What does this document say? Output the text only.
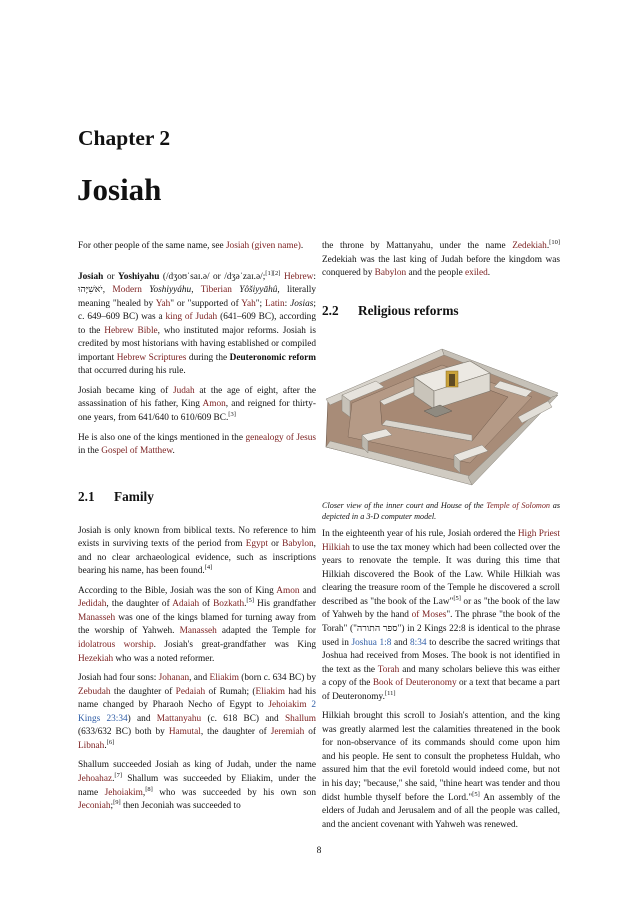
Chapter 2
Josiah

For other people of the same name, see Josiah (given name).

Josiah or Yoshiyahu (/dʒoʊˈsaɪ.ə/ or /dʒəˈzaɪ.ə/;[1][2] Hebrew: יֹאשִׁיָּהוּ, Modern Yoshiyyáhu, Tiberian Yôšiyyāhû, literally meaning "healed by Yah" or "supported of Yah"; Latin: Josias; c. 649–609 BC) was a king of Judah (641–609 BC), according to the Hebrew Bible, who instituted major reforms. Josiah is credited by most historians with having established or compiled important Hebrew Scriptures during the Deuteronomic reform that occurred during his rule.

Josiah became king of Judah at the age of eight, after the assassination of his father, King Amon, and reigned for thirty-one years, from 641/640 to 610/609 BC.[3]

He is also one of the kings mentioned in the genealogy of Jesus in the Gospel of Matthew.

2.1 Family

Josiah is only known from biblical texts. No reference to him exists in surviving texts of the period from Egypt or Babylon, and no clear archaeological evidence, such as inscriptions bearing his name, has been found.[4]

According to the Bible, Josiah was the son of King Amon and Jedidah, the daughter of Adaiah of Bozkath.[5] His grandfather Manasseh was one of the kings blamed for turning away from the worship of Yahweh. Manasseh adapted the Temple for idolatrous worship. Josiah's great-grandfather was King Hezekiah who was a noted reformer.

Josiah had four sons: Johanan, and Eliakim (born c. 634 BC) by Zebudah the daughter of Pedaiah of Rumah; (Eliakim had his name changed by Pharaoh Necho of Egypt to Jehoiakim 2 Kings 23:34) and Mattanyahu (c. 618 BC) and Shallum (633/632 BC) both by Hamutal, the daughter of Jeremiah of Libnah.[6]

Shallum succeeded Josiah as king of Judah, under the name Jehoahaz.[7] Shallum was succeeded by Eliakim, under the name Jehoiakim,[8] who was succeeded by his own son Jeconiah;[9] then Jeconiah was succeeded to

the throne by Mattanyahu, under the name Zedekiah.[10] Zedekiah was the last king of Judah before the kingdom was conquered by Babylon and the people exiled.

2.2 Religious reforms

Closer view of the inner court and House of the Temple of Solomon as depicted in a 3-D computer model.

In the eighteenth year of his rule, Josiah ordered the High Priest Hilkiah to use the tax money which had been collected over the years to renovate the temple. It was during this time that Hilkiah discovered the Book of the Law. While Hilkiah was clearing the treasure room of the Temple he discovered a scroll described as "the book of the Law"[5] or as "the book of the law of Yahweh by the hand of Moses". The phrase "the book of the Torah" ("ספר התורה") in 2 Kings 22:8 is identical to the phrase used in Joshua 1:8 and 8:34 to describe the sacred writings that Joshua had received from Moses. The book is not identified in the text as the Torah and many scholars believe this was either a copy of the Book of Deuteronomy or a text that became a part of Deuteronomy.[11]

Hilkiah brought this scroll to Josiah's attention, and the king was greatly alarmed lest the calamities threatened in the book for non-observance of its commands should come upon him and his people. He sent to consult the prophetess Huldah, who assured him that the evil foretold would indeed come, but not in his day; "because," she said, "thine heart was tender and thou didst humble thyself before the Lord."[5] An assembly of the elders of Judah and Jerusalem and of all the people was called, and the ancient covenant with Yahweh was renewed.

8
